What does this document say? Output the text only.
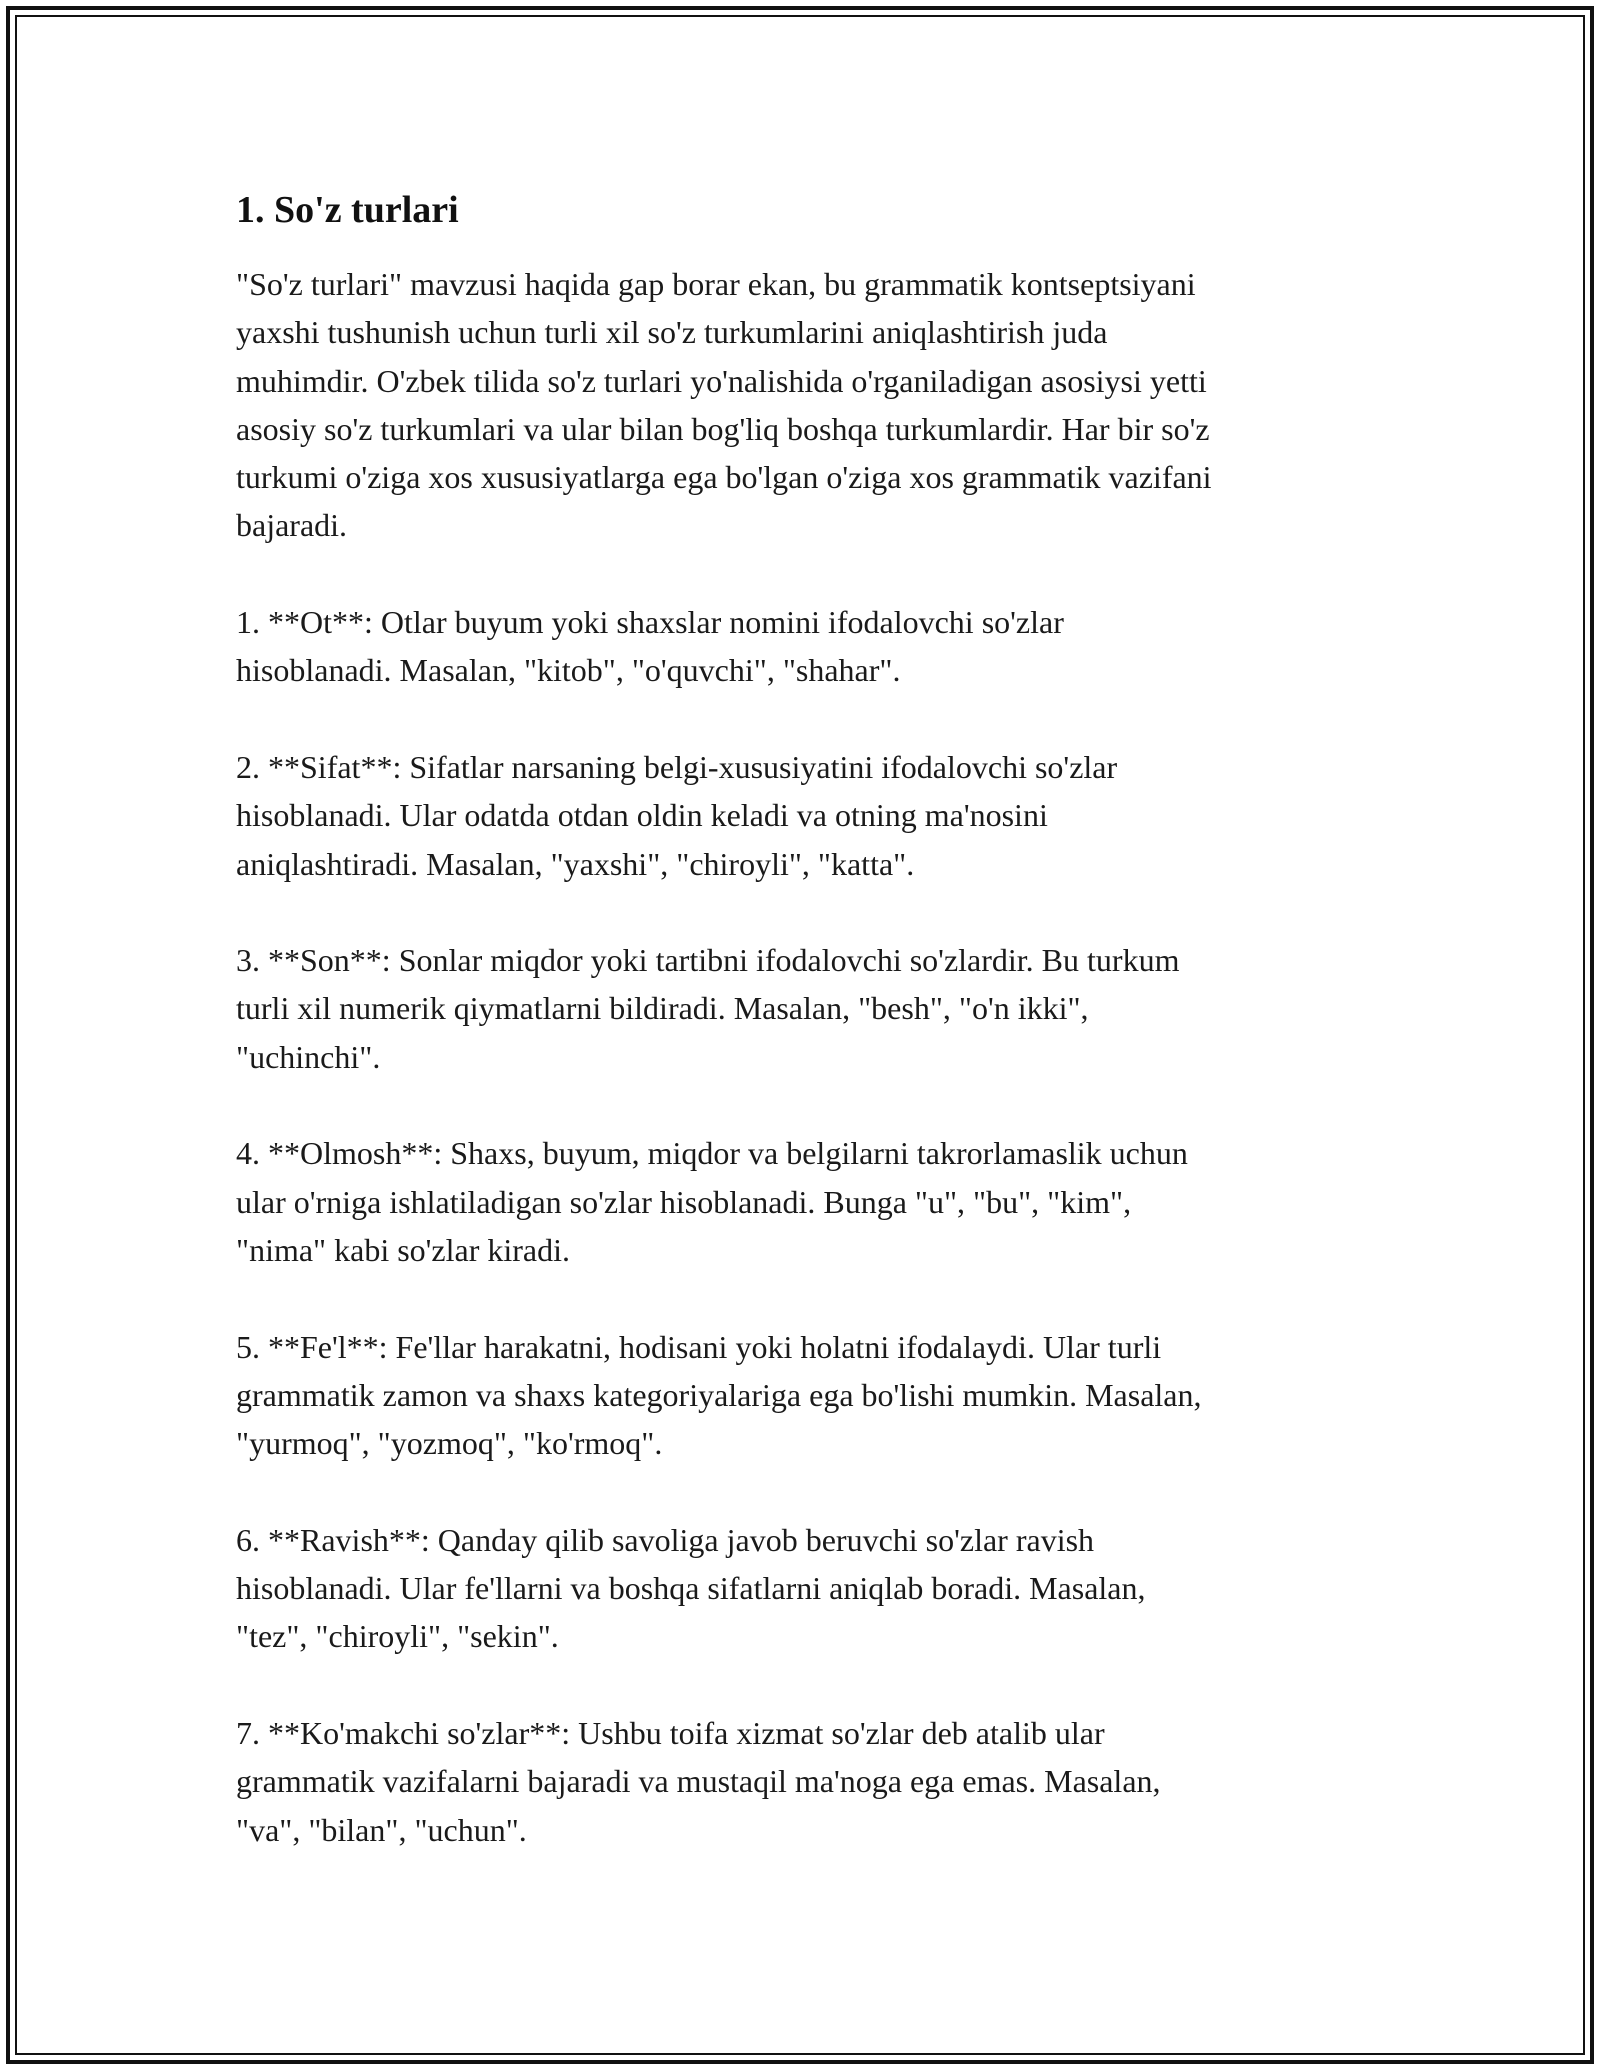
1. So'z turlari

"So'z turlari" mavzusi haqida gap borar ekan, bu grammatik kontseptsiyani
yaxshi tushunish uchun turli xil so'z turkumlarini aniqlashtirish juda
muhimdir. O'zbek tilida so'z turlari yo'nalishida o'rganiladigan asosiysi yetti
asosiy so'z turkumlari va ular bilan bog'liq boshqa turkumlardir. Har bir so'z
turkumi o'ziga xos xususiyatlarga ega bo'lgan o'ziga xos grammatik vazifani
bajaradi.

1. **Ot**: Otlar buyum yoki shaxslar nomini ifodalovchi so'zlar
hisoblanadi. Masalan, "kitob", "o'quvchi", "shahar".

2. **Sifat**: Sifatlar narsaning belgi-xususiyatini ifodalovchi so'zlar
hisoblanadi. Ular odatda otdan oldin keladi va otning ma'nosini
aniqlashtiradi. Masalan, "yaxshi", "chiroyli", "katta".

3. **Son**: Sonlar miqdor yoki tartibni ifodalovchi so'zlardir. Bu turkum
turli xil numerik qiymatlarni bildiradi. Masalan, "besh", "o'n ikki",
"uchinchi".

4. **Olmosh**: Shaxs, buyum, miqdor va belgilarni takrorlamaslik uchun
ular o'rniga ishlatiladigan so'zlar hisoblanadi. Bunga "u", "bu", "kim",
"nima" kabi so'zlar kiradi.

5. **Fe'l**: Fe'llar harakatni, hodisani yoki holatni ifodalaydi. Ular turli
grammatik zamon va shaxs kategoriyalariga ega bo'lishi mumkin. Masalan,
"yurmoq", "yozmoq", "ko'rmoq".

6. **Ravish**: Qanday qilib savoliga javob beruvchi so'zlar ravish
hisoblanadi. Ular fe'llarni va boshqa sifatlarni aniqlab boradi. Masalan,
"tez", "chiroyli", "sekin".

7. **Ko'makchi so'zlar**: Ushbu toifa xizmat so'zlar deb atalib ular
grammatik vazifalarni bajaradi va mustaqil ma'noga ega emas. Masalan,
"va", "bilan", "uchun".
